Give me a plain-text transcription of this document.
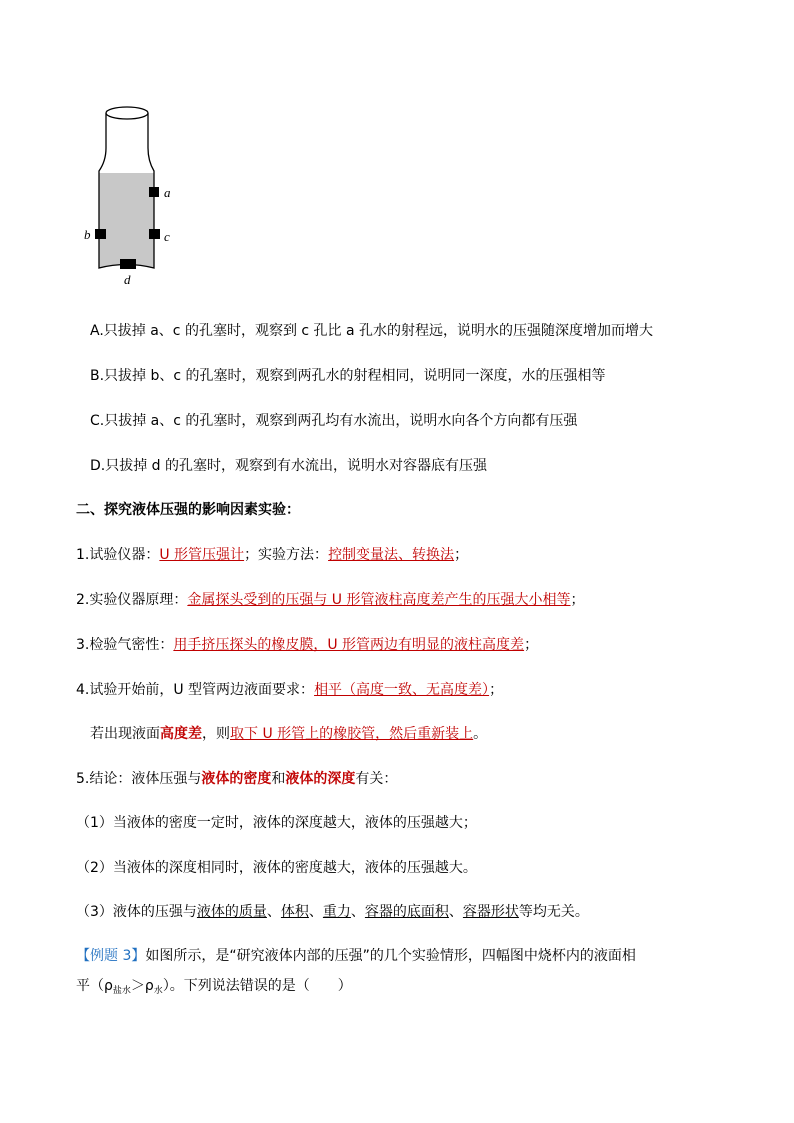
a
b	c
d
A.只拔掉 a、c 的孔塞时，观察到 c 孔比 a 孔水的射程远，说明水的压强随深度增加而增大
B.只拔掉 b、c 的孔塞时，观察到两孔水的射程相同，说明同一深度，水的压强相等
C.只拔掉 a、c 的孔塞时，观察到两孔均有水流出，说明水向各个方向都有压强
D.只拔掉 d 的孔塞时，观察到有水流出，说明水对容器底有压强
二、探究液体压强的影响因素实验：
1.试验仪器：U 形管压强计；实验方法：控制变量法、转换法；
2.实验仪器原理：金属探头受到的压强与 U 形管液柱高度差产生的压强大小相等；
3.检验气密性：用手挤压探头的橡皮膜，U 形管两边有明显的液柱高度差；
4.试验开始前，U 型管两边液面要求：相平（高度一致、无高度差）；
若出现液面高度差，则取下 U 形管上的橡胶管，然后重新装上。
5.结论：液体压强与液体的密度和液体的深度有关：
（1）当液体的密度一定时，液体的深度越大，液体的压强越大；
（2）当液体的深度相同时，液体的密度越大，液体的压强越大。
（3）液体的压强与液体的质量、体积、重力、容器的底面积、容器形状等均无关。
【例题 3】如图所示，是“研究液体内部的压强”的几个实验情形，四幅图中烧杯内的液面相
平$(\rho_{盐水}>\rho_水)$。下列说法错误的是（　　）
